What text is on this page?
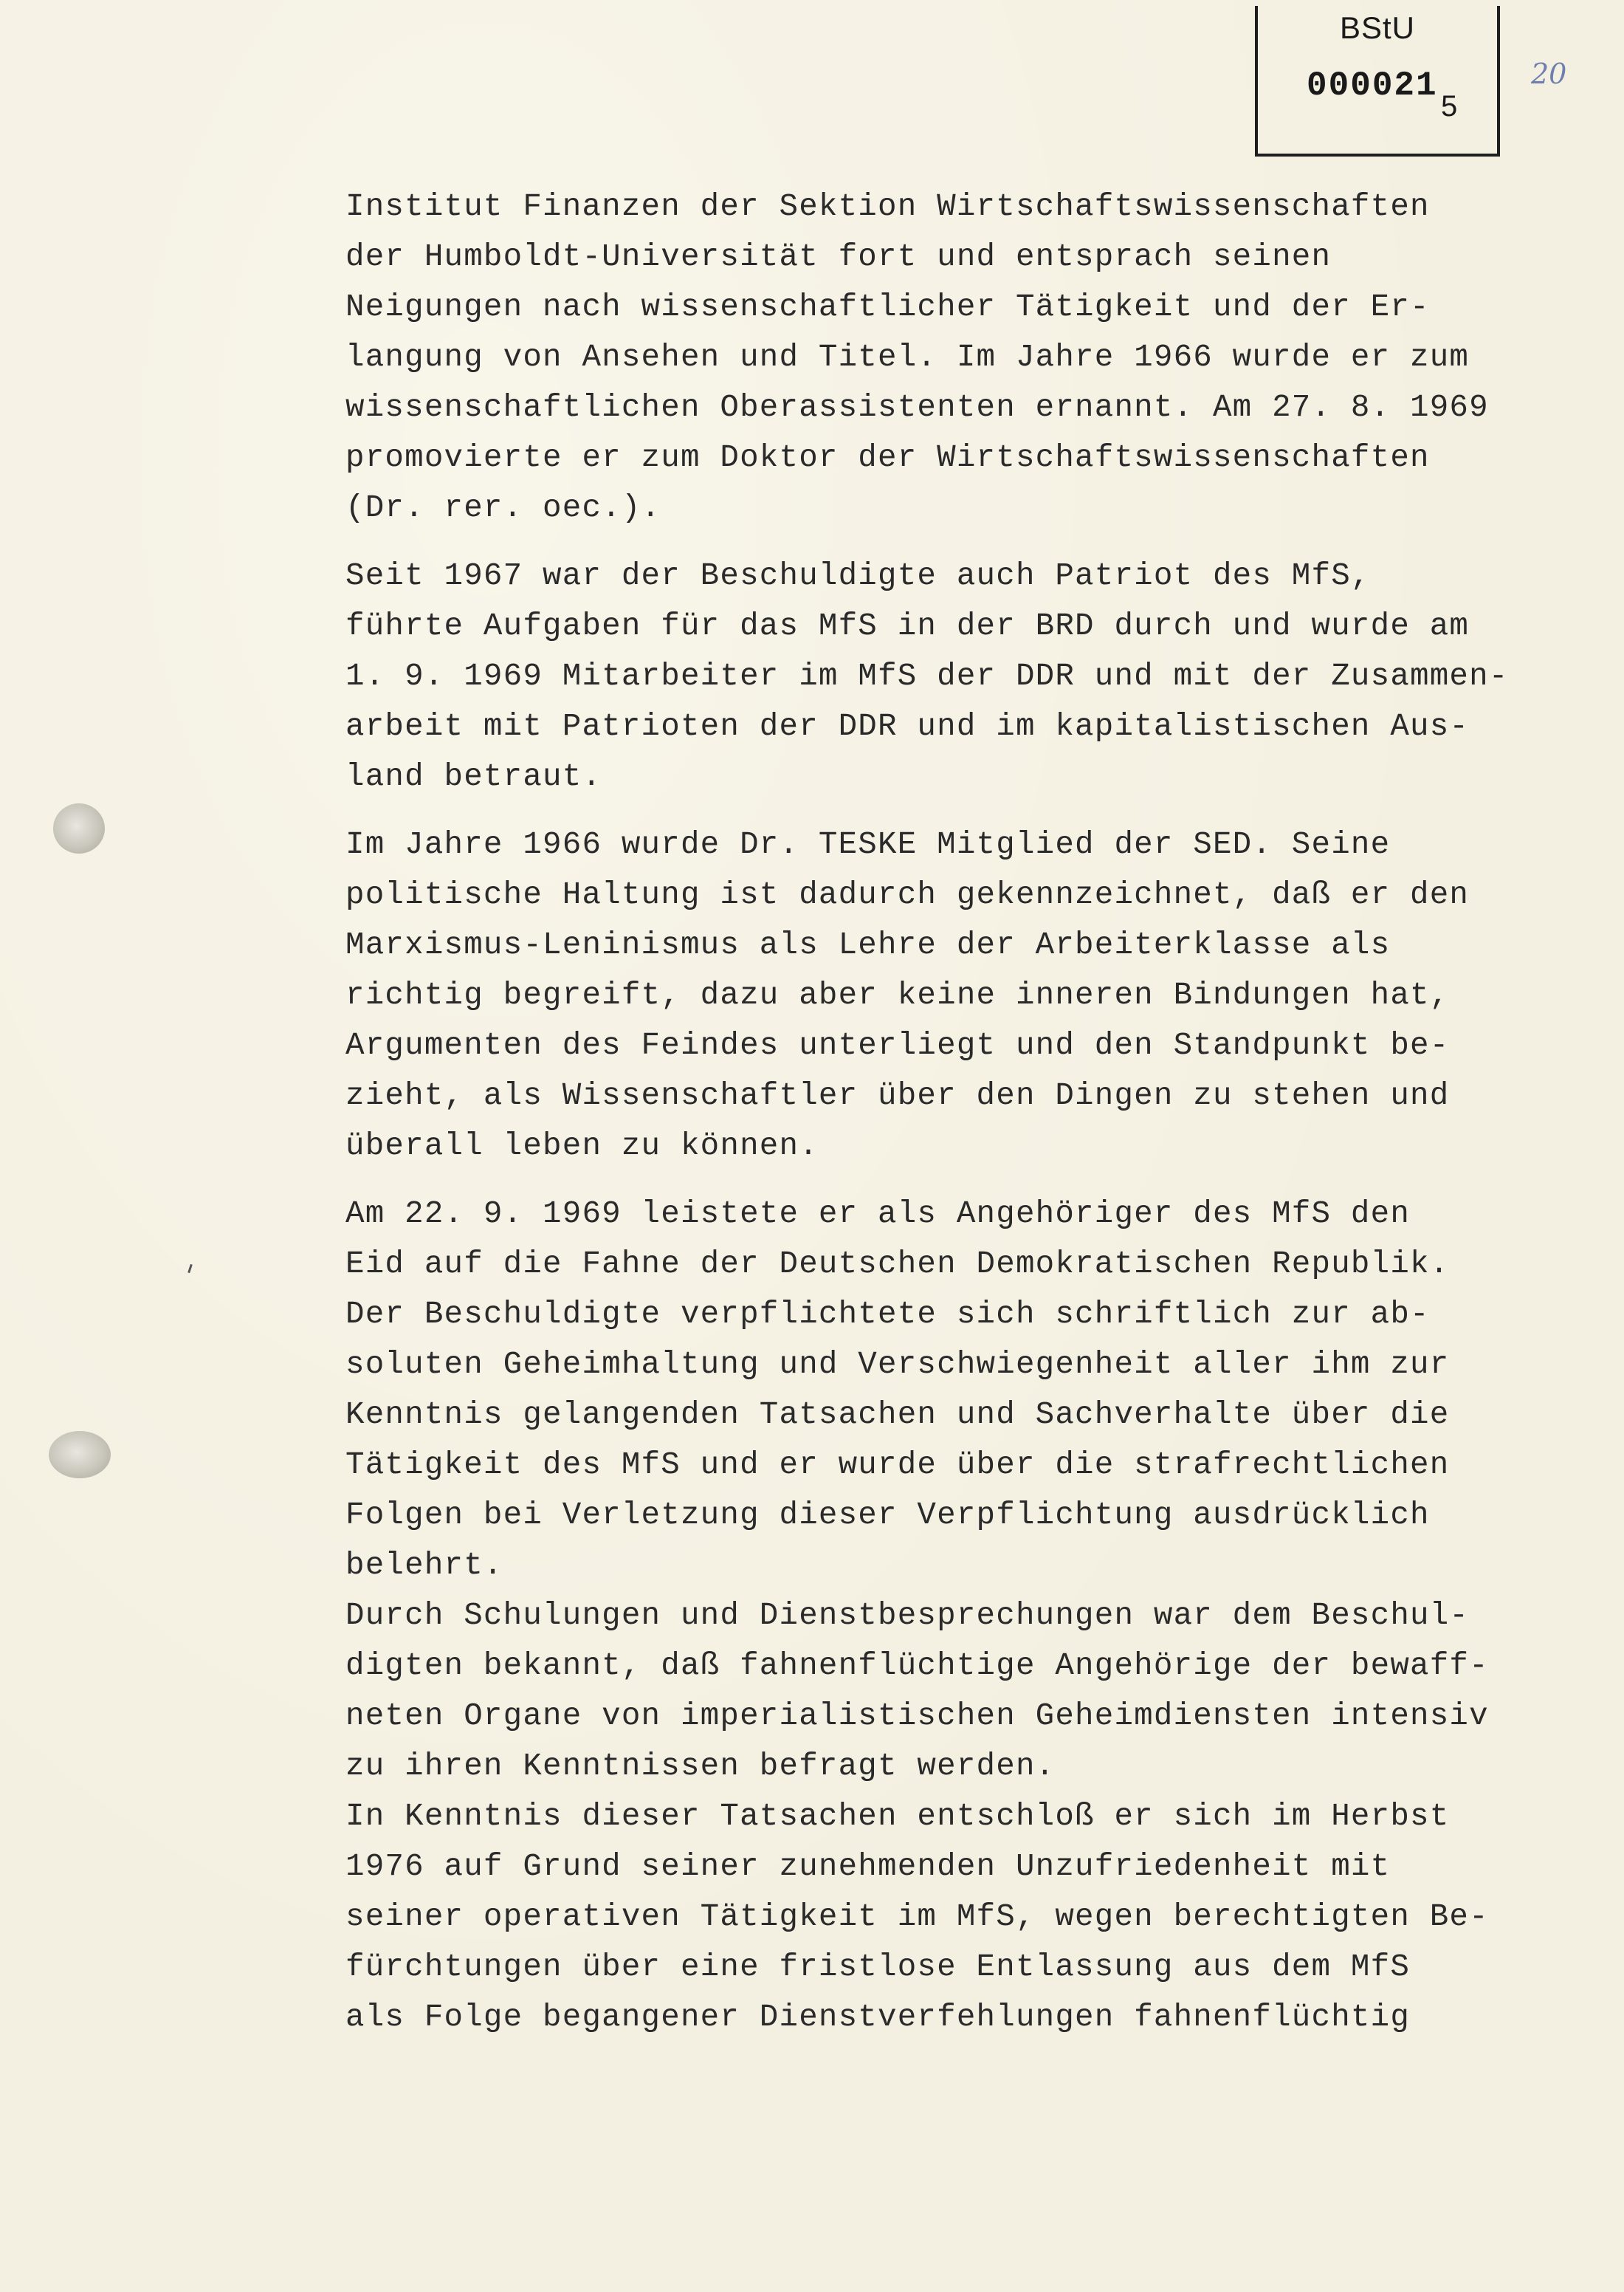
BStU
000021
5
20
Institut Finanzen der Sektion Wirtschaftswissenschaften
der Humboldt-Universität fort und entsprach seinen
Neigungen nach wissenschaftlicher Tätigkeit und der Er-
langung von Ansehen und Titel. Im Jahre 1966 wurde er zum
wissenschaftlichen Oberassistenten ernannt. Am 27. 8. 1969
promovierte er zum Doktor der Wirtschaftswissenschaften
(Dr. rer. oec.).
Seit 1967 war der Beschuldigte auch Patriot des MfS,
führte Aufgaben für das MfS in der BRD durch und wurde am
1. 9. 1969 Mitarbeiter im MfS der DDR und mit der Zusammen-
arbeit mit Patrioten der DDR und im kapitalistischen Aus-
land betraut.
Im Jahre 1966 wurde Dr. TESKE Mitglied der SED. Seine
politische Haltung ist dadurch gekennzeichnet, daß er den
Marxismus-Leninismus als Lehre der Arbeiterklasse als
richtig begreift, dazu aber keine inneren Bindungen hat,
Argumenten des Feindes unterliegt und den Standpunkt be-
zieht, als Wissenschaftler über den Dingen zu stehen und
überall leben zu können.
Am 22. 9. 1969 leistete er als Angehöriger des MfS den
Eid auf die Fahne der Deutschen Demokratischen Republik.
Der Beschuldigte verpflichtete sich schriftlich zur ab-
soluten Geheimhaltung und Verschwiegenheit aller ihm zur
Kenntnis gelangenden Tatsachen und Sachverhalte über die
Tätigkeit des MfS und er wurde über die strafrechtlichen
Folgen bei Verletzung dieser Verpflichtung ausdrücklich
belehrt.
Durch Schulungen und Dienstbesprechungen war dem Beschul-
digten bekannt, daß fahnenflüchtige Angehörige der bewaff-
neten Organe von imperialistischen Geheimdiensten intensiv
zu ihren Kenntnissen befragt werden.
In Kenntnis dieser Tatsachen entschloß er sich im Herbst
1976 auf Grund seiner zunehmenden Unzufriedenheit mit
seiner operativen Tätigkeit im MfS, wegen berechtigten Be-
fürchtungen über eine fristlose Entlassung aus dem MfS
als Folge begangener Dienstverfehlungen fahnenflüchtig
